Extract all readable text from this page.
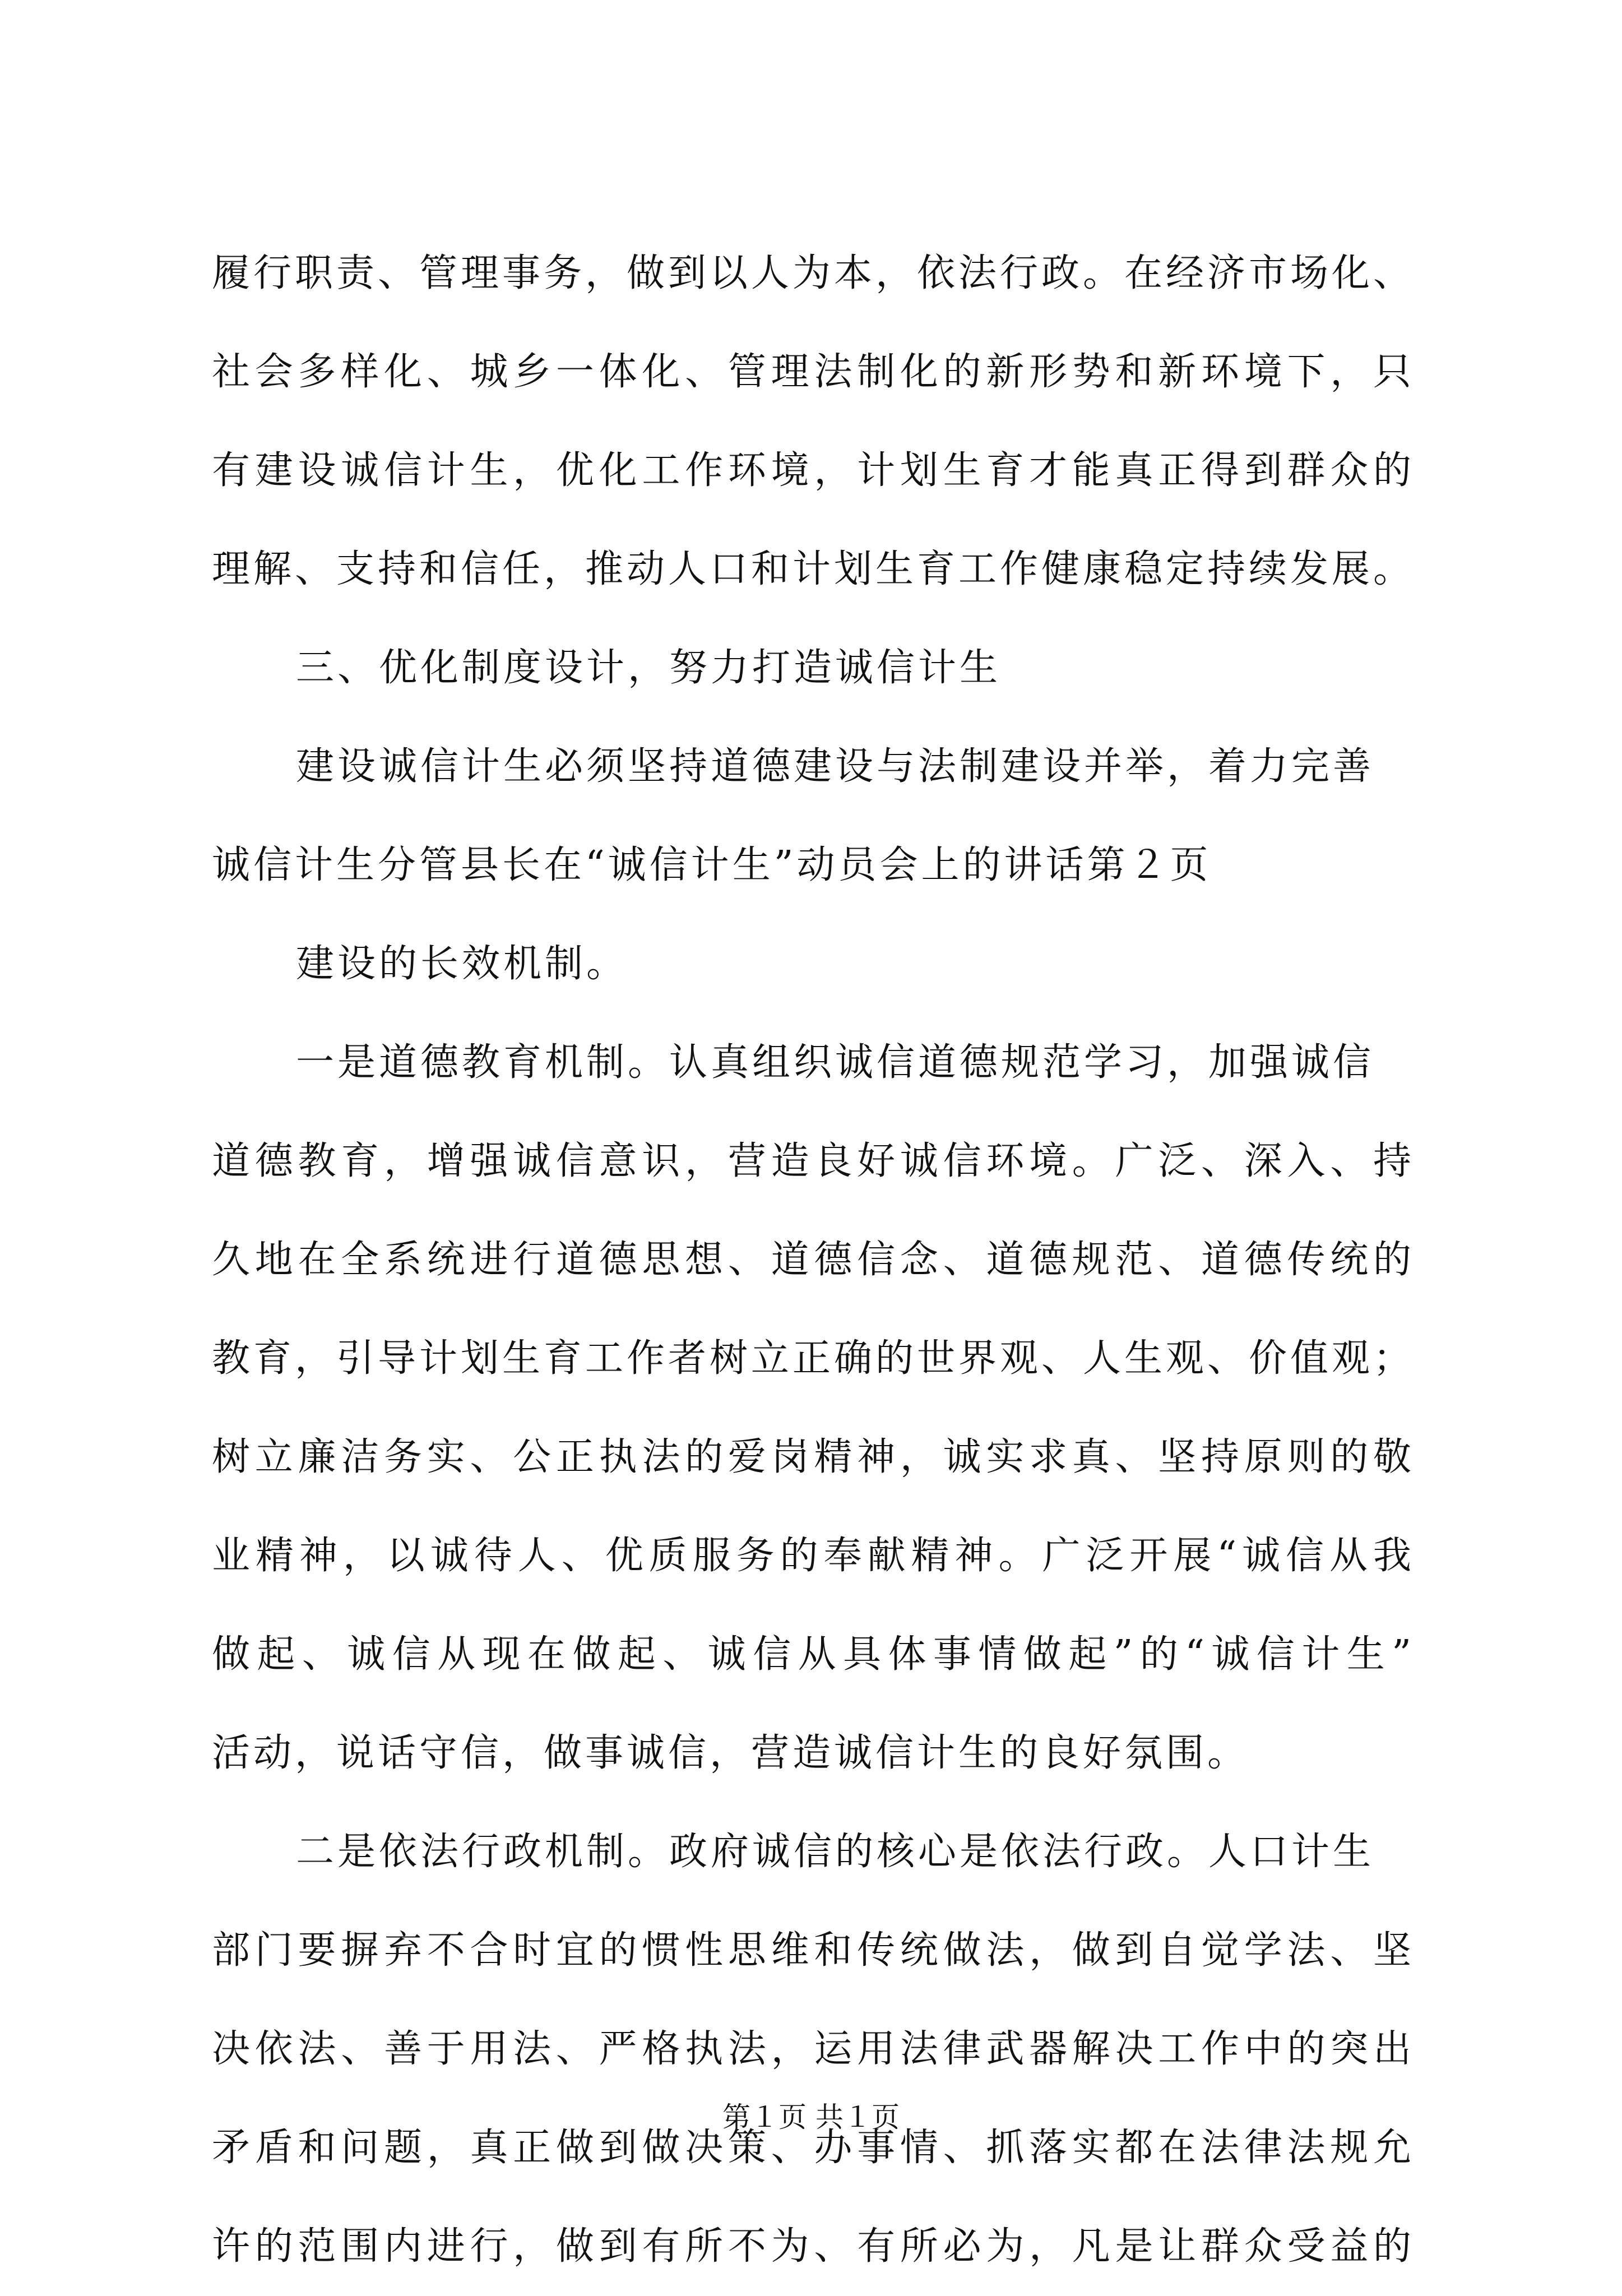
履行职责、管理事务，做到以人为本，依法行政。在经济市场化、
社会多样化、城乡一体化、管理法制化的新形势和新环境下，只
有建设诚信计生，优化工作环境，计划生育才能真正得到群众的
理解、支持和信任，推动人口和计划生育工作健康稳定持续发展。
三、优化制度设计，努力打造诚信计生
建设诚信计生必须坚持道德建设与法制建设并举，着力完善
诚信计生分管县长在“诚信计生”动员会上的讲话第２页
建设的长效机制。
一是道德教育机制。认真组织诚信道德规范学习，加强诚信
道德教育，增强诚信意识，营造良好诚信环境。广泛、深入、持
久地在全系统进行道德思想、道德信念、道德规范、道德传统的
教育，引导计划生育工作者树立正确的世界观、人生观、价值观；
树立廉洁务实、公正执法的爱岗精神，诚实求真、坚持原则的敬
业精神，以诚待人、优质服务的奉献精神。广泛开展“诚信从我
做起、诚信从现在做起、诚信从具体事情做起”的“诚信计生”
活动，说话守信，做事诚信，营造诚信计生的良好氛围。
二是依法行政机制。政府诚信的核心是依法行政。人口计生
部门要摒弃不合时宜的惯性思维和传统做法，做到自觉学法、坚
决依法、善于用法、严格执法，运用法律武器解决工作中的突出
矛盾和问题，真正做到做决策、办事情、抓落实都在法律法规允
许的范围内进行，做到有所不为、有所必为，凡是让群众受益的
第１页 共１页
